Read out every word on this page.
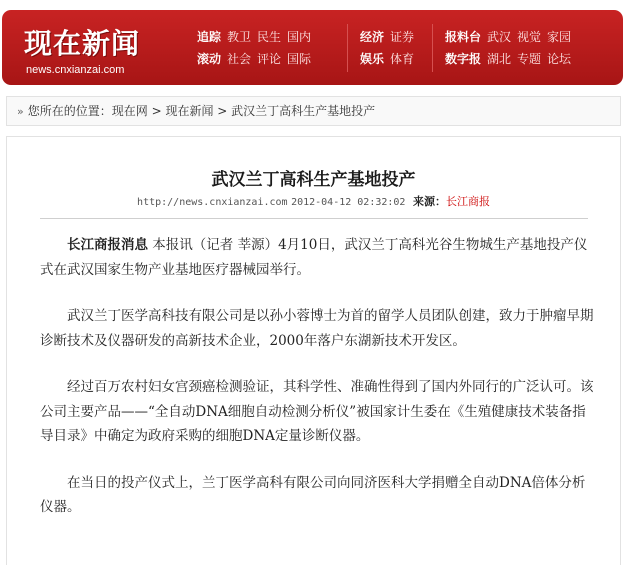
现在新闻
news.cnxianzai.com
追踪 教卫 民生 国内
滚动 社会 评论 国际
经济 证券
娱乐 体育
报料台 武汉 视觉 家园
数字报 湖北 专题 论坛
» 您所在的位置：现在网 > 现在新闻 > 武汉兰丁高科生产基地投产
武汉兰丁高科生产基地投产
http://news.cnxianzai.com 2012-04-12 02:32:02 来源：长江商报

长江商报消息 本报讯（记者 莘源）4月10日，武汉兰丁高科光谷生物城生产基地投产仪式在武汉国家生物产业基地医疗器械园举行。

武汉兰丁医学高科技有限公司是以孙小蓉博士为首的留学人员团队创建，致力于肿瘤早期诊断技术及仪器研发的高新技术企业，2000年落户东湖新技术开发区。

经过百万农村妇女宫颈癌检测验证，其科学性、准确性得到了国内外同行的广泛认可。该公司主要产品——“全自动DNA细胞自动检测分析仪”被国家计生委在《生殖健康技术装备指导目录》中确定为政府采购的细胞DNA定量诊断仪器。

在当日的投产仪式上，兰丁医学高科有限公司向同济医科大学捐赠全自动DNA倍体分析仪器。
